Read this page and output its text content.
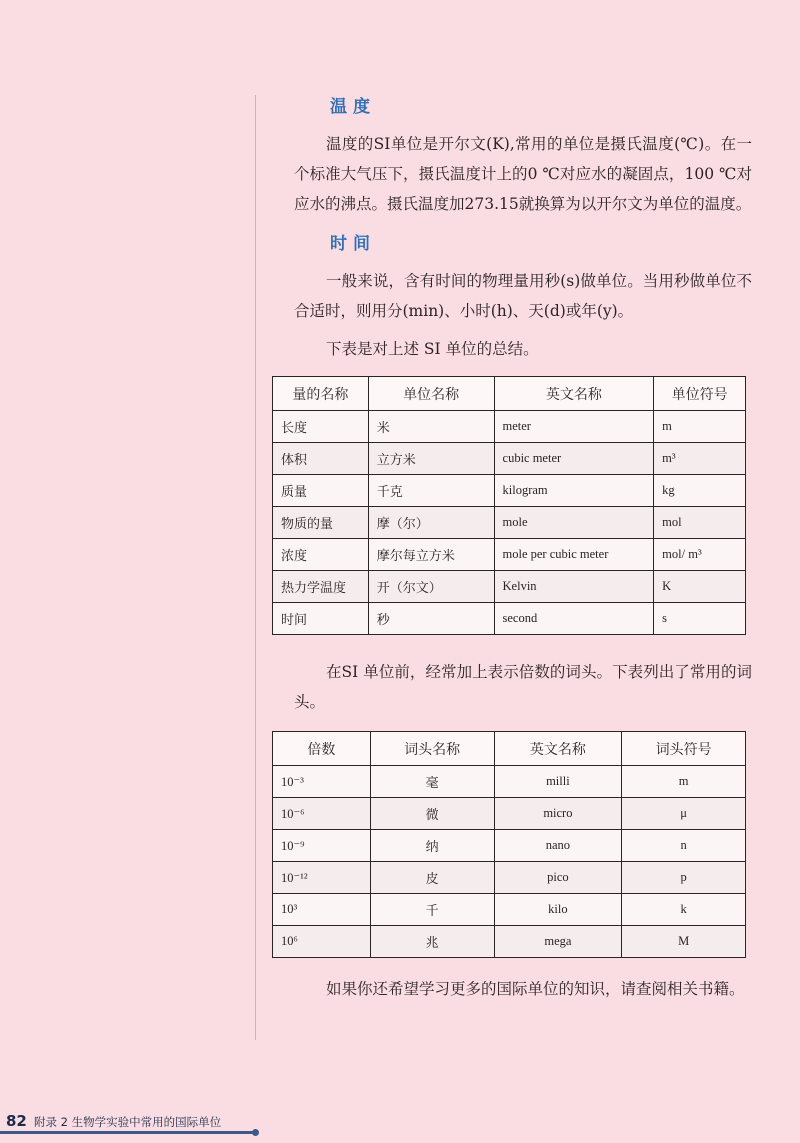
温度

温度的SI单位是开尔文(K),常用的单位是摄氏温度(℃)。在一个标准大气压下，摄氏温度计上的0 ℃对应水的凝固点，100 ℃对应水的沸点。摄氏温度加273.15就换算为以开尔文为单位的温度。

时间

一般来说，含有时间的物理量用秒(s)做单位。当用秒做单位不合适时，则用分(min)、小时(h)、天(d)或年(y)。

下表是对上述 SI 单位的总结。

量的名称	单位名称	英文名称	单位符号
长度	米	meter	m
体积	立方米	cubic meter	m³
质量	千克	kilogram	kg
物质的量	摩（尔）	mole	mol
浓度	摩尔每立方米	mole per cubic meter	mol/ m³
热力学温度	开（尔文）	Kelvin	K
时间	秒	second	s

在SI 单位前，经常加上表示倍数的词头。下表列出了常用的词头。

倍数	词头名称	英文名称	词头符号
10⁻³	毫	milli	m
10⁻⁶	微	micro	μ
10⁻⁹	纳	nano	n
10⁻¹²	皮	pico	p
10³	千	kilo	k
10⁶	兆	mega	M

如果你还希望学习更多的国际单位的知识，请查阅相关书籍。

82 附录 2 生物学实验中常用的国际单位
